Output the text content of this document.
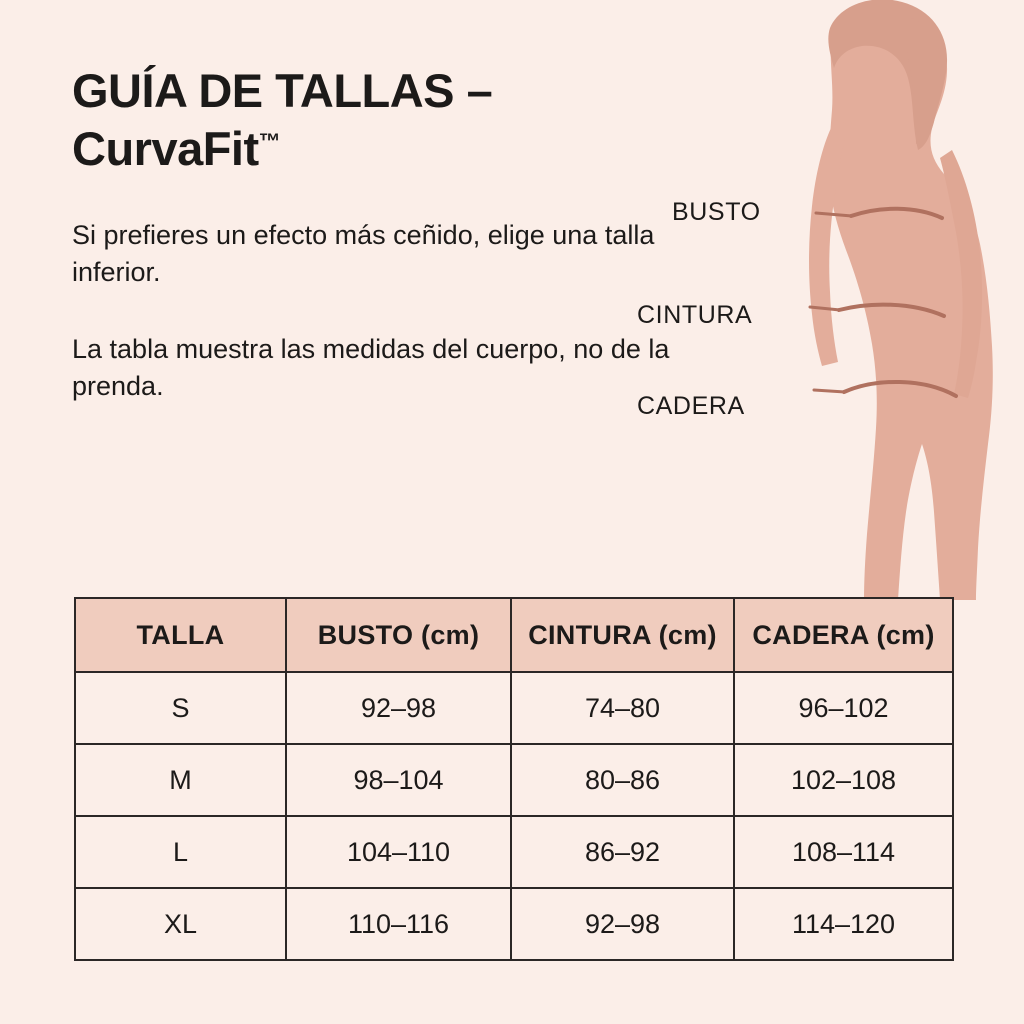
GUÍA DE TALLAS –
CurvaFit™

Si prefieres un efecto más ceñido, elige una talla inferior.

La tabla muestra las medidas del cuerpo, no de la prenda.

BUSTO
CINTURA
CADERA
TALLA	BUSTO (cm)	CINTURA (cm)	CADERA (cm)
S	92–98	74–80	96–102
M	98–104	80–86	102–108
L	104–110	86–92	108–114
XL	110–116	92–98	114–120
